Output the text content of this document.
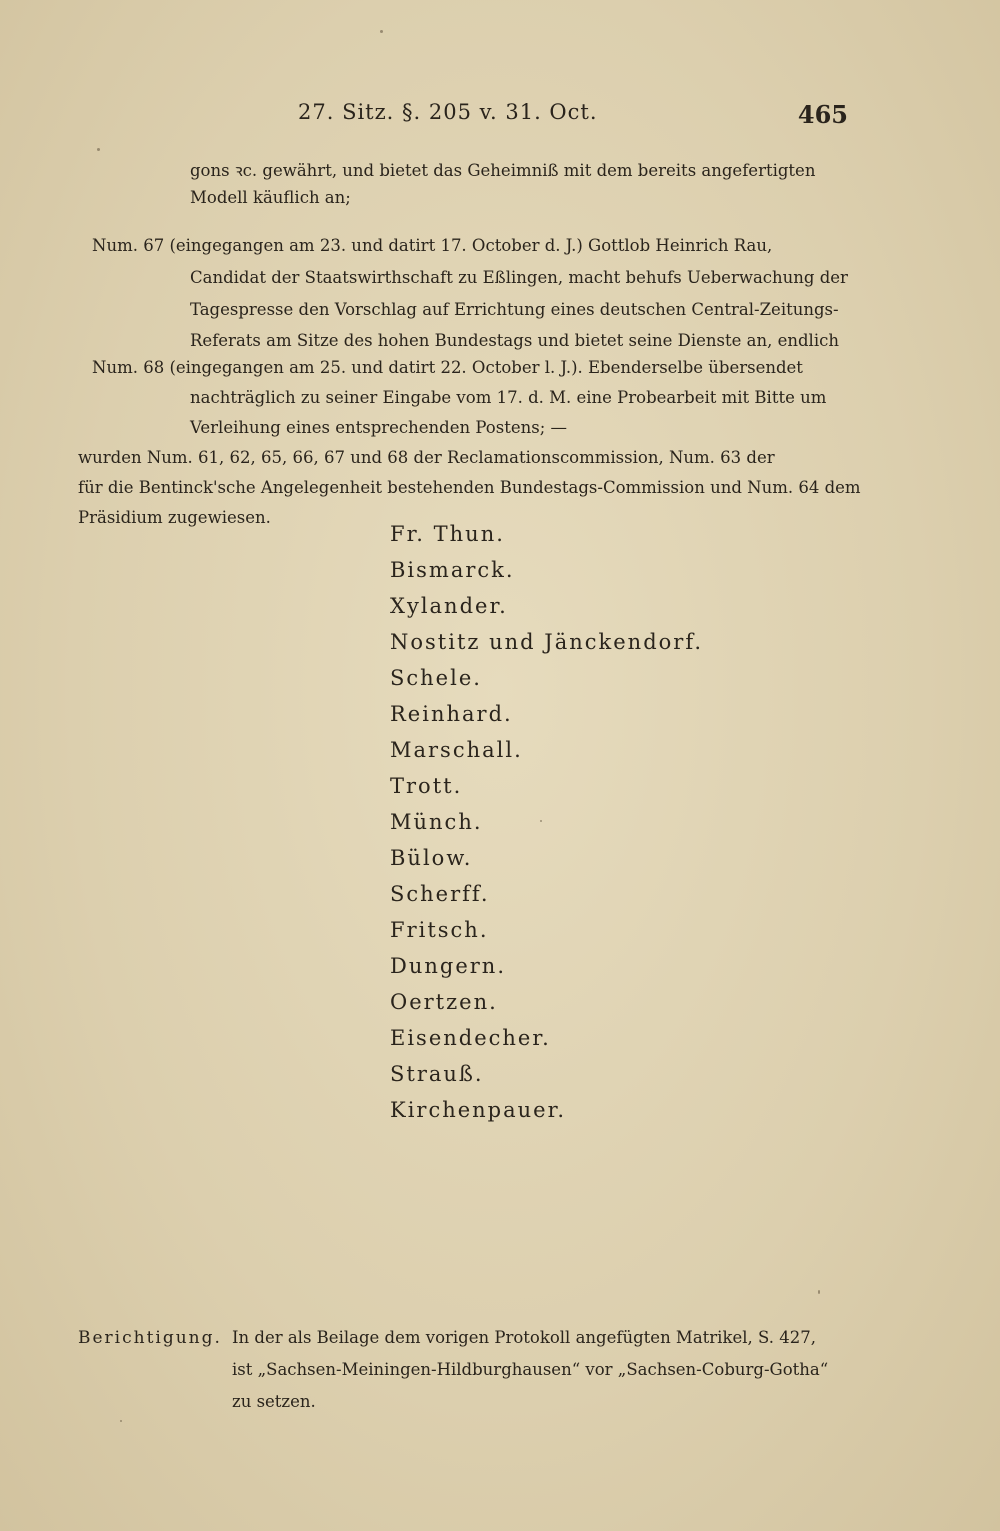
27. Sitz. §. 205 v. 31. Oct.	465
gons ꝛc. gewährt, und bietet das Geheimniß mit dem bereits angefertigten
Modell käuflich an;
Num. 67 (eingegangen am 23. und datirt 17. October d. J.) Gottlob Heinrich Rau,
Candidat der Staatswirthschaft zu Eßlingen, macht behufs Ueberwachung der
Tagespresse den Vorschlag auf Errichtung eines deutschen Central-Zeitungs-
Referats am Sitze des hohen Bundestags und bietet seine Dienste an, endlich
Num. 68 (eingegangen am 25. und datirt 22. October l. J.). Ebenderselbe übersendet
nachträglich zu seiner Eingabe vom 17. d. M. eine Probearbeit mit Bitte um
Verleihung eines entsprechenden Postens; —
wurden Num. 61, 62, 65, 66, 67 und 68 der Reclamationscommission, Num. 63 der
für die Bentinck'sche Angelegenheit bestehenden Bundestags-Commission und Num. 64 dem
Präsidium zugewiesen.
Fr. Thun.
Bismarck.
Xylander.
Nostitz und Jänckendorf.
Schele.
Reinhard.
Marschall.
Trott.
Münch.
Bülow.
Scherff.
Fritsch.
Dungern.
Oertzen.
Eisendecher.
Strauß.
Kirchenpauer.
Berichtigung. In der als Beilage dem vorigen Protokoll angefügten Matrikel, S. 427,
ist „Sachsen-Meiningen-Hildburghausen“ vor „Sachsen-Coburg-Gotha“
zu setzen.
